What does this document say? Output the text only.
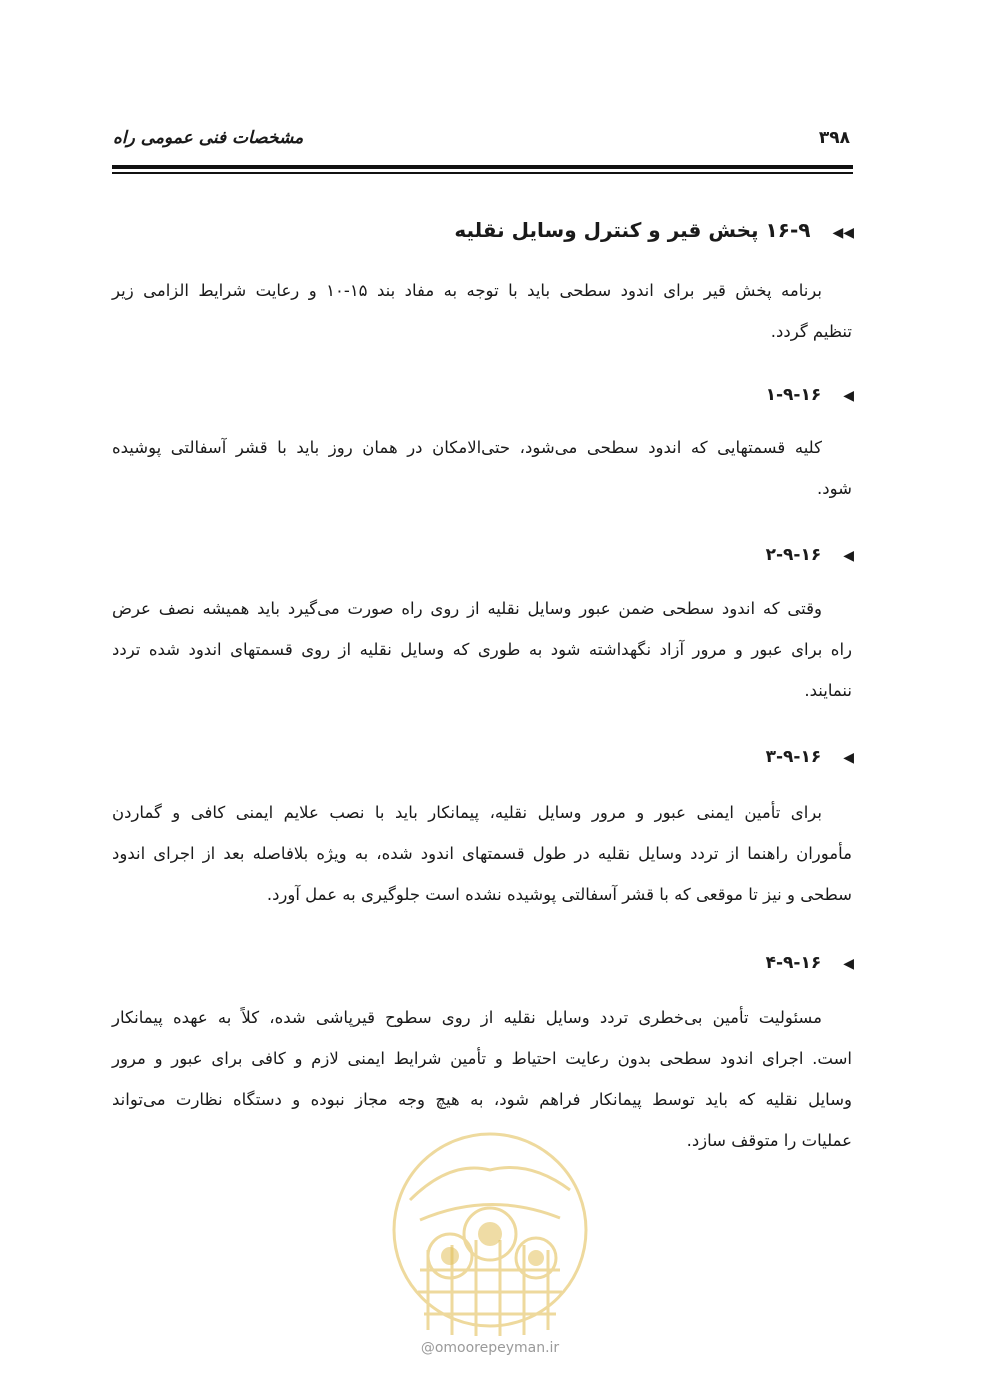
مشخصات فنی عمومی راه	۳۹۸
◀◀۱۶-۹ پخش قیر و کنترل وسایل نقلیه
برنامه پخش قیر برای اندود سطحی باید با توجه به مفاد بند ۱۵-۱۰ و رعایت شرایط الزامی زیر
تنظیم گردد.
◀۱-۹-۱۶
کلیه قسمتهایی که اندود سطحی می‌شود، حتی‌الامکان در همان روز باید با قشر آسفالتی پوشیده
شود.
◀۲-۹-۱۶
وقتی که اندود سطحی ضمن عبور وسایل نقلیه از روی راه صورت می‌گیرد باید همیشه نصف عرض
راه برای عبور و مرور آزاد نگهداشته شود به طوری که وسایل نقلیه از روی قسمتهای اندود شده تردد
ننمایند.
◀۳-۹-۱۶
برای تأمین ایمنی عبور و مرور وسایل نقلیه، پیمانکار باید با نصب علایم ایمنی کافی و گماردن
مأموران راهنما از تردد وسایل نقلیه در طول قسمتهای اندود شده، به ویژه بلافاصله بعد از اجرای اندود
سطحی و نیز تا موقعی که با قشر آسفالتی پوشیده نشده است جلوگیری به عمل آورد.
◀۴-۹-۱۶
مسئولیت تأمین بی‌خطری تردد وسایل نقلیه از روی سطوح قیرپاشی شده، کلاً به عهده پیمانکار
است. اجرای اندود سطحی بدون رعایت احتیاط و تأمین شرایط ایمنی لازم و کافی برای عبور و مرور
وسایل نقلیه که باید توسط پیمانکار فراهم شود، به هیچ وجه مجاز نبوده و دستگاه نظارت می‌تواند
عملیات را متوقف سازد.
@omoorepeyman.ir
